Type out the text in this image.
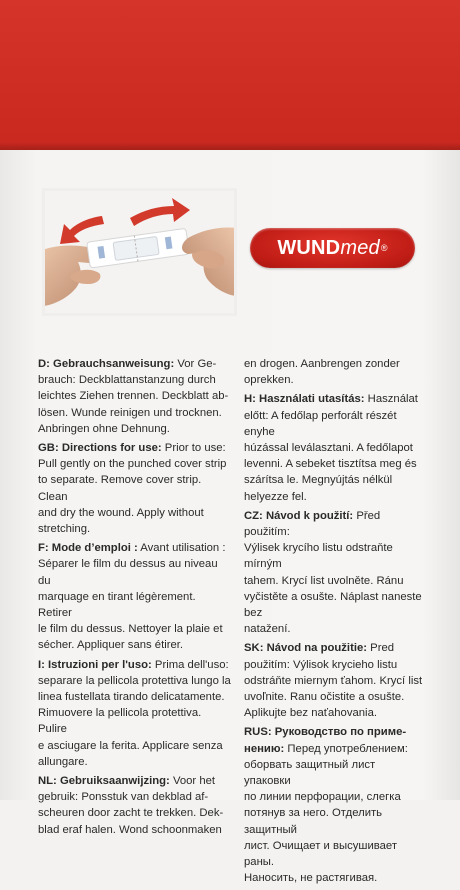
WUND med ®

D: Gebrauchsanweisung: Vor Ge-
brauch: Deckblattanstanzung durch
leichtes Ziehen trennen. Deckblatt ab-
lösen. Wunde reinigen und trocknen.
Anbringen ohne Dehnung.

GB: Directions for use: Prior to use:
Pull gently on the punched cover strip
to separate. Remove cover strip. Clean
and dry the wound. Apply without
stretching.

F: Mode d’emploi : Avant utilisation :
Séparer le film du dessus au niveau du
marquage en tirant légèrement. Retirer
le film du dessus. Nettoyer la plaie et
sécher. Appliquer sans étirer.

I: Istruzioni per l'uso: Prima dell'uso:
separare la pellicola protettiva lungo la
linea fustellata tirando delicatamente.
Rimuovere la pellicola protettiva. Pulire
e asciugare la ferita. Applicare senza
allungare.

NL: Gebruiksaanwijzing: Voor het
gebruik: Ponsstuk van dekblad af-
scheuren door zacht te trekken. Dek-
blad eraf halen. Wond schoonmaken

en drogen. Aanbrengen zonder
oprekken.

H: Használati utasítás: Használat
előtt: A fedőlap perforált részét enyhe
húzással leválasztani. A fedőlapot
levenni. A sebeket tisztítsa meg és
szárítsa le. Megnyújtás nélkül
helyezze fel.

CZ: Návod k použití: Před použitím:
Výlisek krycího listu odstraňte mírným
tahem. Krycí list uvolněte. Ránu
vyčistěte a osušte. Náplast naneste bez
natažení.

SK: Návod na použitie: Pred
použitím: Výlisok krycieho listu
odstráňte miernym ťahom. Krycí list
uvoľnite. Ranu očistite a osušte.
Aplikujte bez naťahovania.

RUS: Руководство по приме-
нению: Перед употреблением:
оборвать защитный лист упаковки
по линии перфорации, слегка
потянув за него. Отделить защитный
лист. Очищает и высушивает раны.
Наносить, не растягивая.
